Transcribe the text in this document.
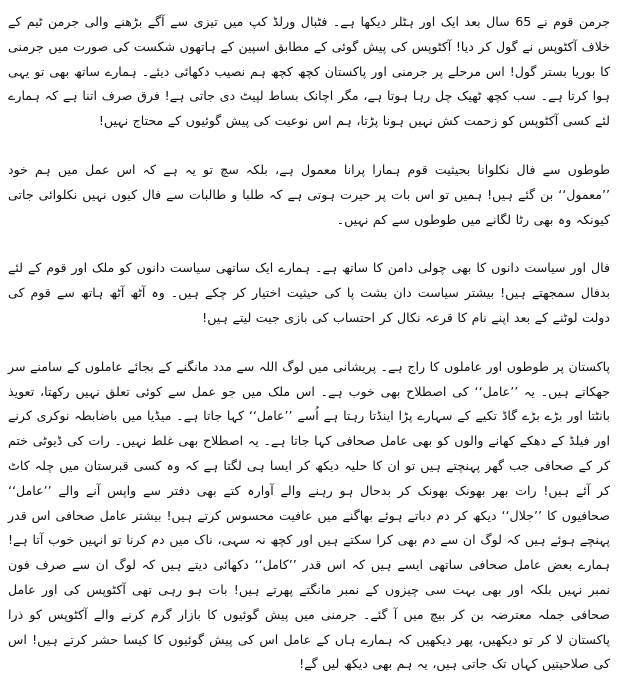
جرمن قوم نے 65 سال بعد ایک اور ہٹلر دیکھا ہے۔ فٹبال ورلڈ کپ میں تیزی سے آگے بڑھنے والی جرمن ٹیم کے خلاف آکٹوپس نے گول کر دیا! آکٹوپس کی پیش گوئی کے مطابق اسپین کے ہاتھوں شکست کی صورت میں جرمنی کا بوریا بستر گول! اس مرحلے پر جرمنی اور پاکستان کچھ کچھ ہم نصیب دکھائی دیئے۔ ہمارے ساتھ بھی تو یہی ہوا کرتا ہے۔ سب کچھ ٹھیک چل رہا ہوتا ہے، مگر اچانک بساط لپیٹ دی جاتی ہے! فرق صرف اتنا ہے کہ ہمارے لئے کسی آکٹوپس کو زحمت کش نہیں ہونا پڑتا، ہم اس نوعیت کی پیش گوئیوں کے محتاج نہیں!

طوطوں سے فال نکلوانا بحیثیت قوم ہمارا پرانا معمول ہے، بلکہ سچ تو یہ ہے کہ اس عمل میں ہم خود ’’معمول‘‘ بن گئے ہیں! ہمیں تو اس بات پر حیرت ہوتی ہے کہ طلبا و طالبات سے فال کیوں نہیں نکلوائی جاتی کیونکہ وہ بھی رٹا لگانے میں طوطوں سے کم نہیں۔

فال اور سیاست دانوں کا بھی چولی دامن کا ساتھ ہے۔ ہمارے ایک ساتھی سیاست دانوں کو ملک اور قوم کے لئے بدفال سمجھتے ہیں! بیشتر سیاست دان بشت پا کی حیثیت اختیار کر چکے ہیں۔ وہ آٹھ آٹھ ہاتھ سے قوم کی دولت لوٹنے کے بعد اپنے نام کا قرعہ نکال کر احتساب کی بازی جیت لیتے ہیں!

پاکستان پر طوطوں اور عاملوں کا راج ہے۔ پریشانی میں لوگ اللہ سے مدد مانگنے کے بجائے عاملوں کے سامنے سر جھکاتے ہیں۔ یہ ’’عامل‘‘ کی اصطلاح بھی خوب ہے۔ اس ملک میں جو عمل سے کوئی تعلق نہیں رکھتا، تعویذ بانٹتا اور بڑے بڑے گاڈ تکیے کے سہارے پڑا اینڈتا رہتا ہے اُسے ’’عامل‘‘ کہا جاتا ہے۔ میڈیا میں باضابطہ نوکری کرنے اور فیلڈ کے دھکے کھانے والوں کو بھی عامل صحافی کہا جاتا ہے۔ یہ اصطلاح بھی غلط نہیں۔ رات کی ڈیوٹی ختم کر کے صحافی جب گھر پہنچتے ہیں تو ان کا حلیہ دیکھ کر ایسا ہی لگتا ہے کہ وہ کسی قبرستان میں چلہ کاٹ کر آئے ہیں! رات بھر بھونک بھونک کر بدحال ہو رہنے والے آوارہ کتے بھی دفتر سے واپس آنے والے ’’عامل‘‘ صحافیوں کا ’’جلال‘‘ دیکھ کر دم دباتے ہوئے بھاگنے میں عافیت محسوس کرتے ہیں! بیشتر عامل صحافی اس قدر پہنچے ہوئے ہیں کہ لوگ ان سے دم بھی کرا سکتے ہیں اور کچھ نہ سہی، ناک میں دم کرنا تو انہیں خوب آتا ہے! ہمارے بعض عامل صحافی ساتھی ایسے ہیں کہ اس قدر ’’کامل‘‘ دکھائی دیتے ہیں کہ لوگ ان سے صرف فون نمبر نہیں بلکہ اور بھی بہت سی چیزوں کے نمبر مانگتے پھرتے ہیں! بات ہو رہی تھی آکٹوپس کی اور عامل صحافی جملہ معترضہ بن کر بیچ میں آ گئے۔ جرمنی میں پیش گوئیوں کا بازار گرم کرنے والے آکٹوپس کو ذرا پاکستان لا کر تو دیکھیں، پھر دیکھیں کہ ہمارے ہاں کے عامل اس کی پیش گوئیوں کا کیسا حشر کرتے ہیں! اس کی صلاحیتیں کہاں تک جاتی ہیں، یہ ہم بھی دیکھ لیں گے!
